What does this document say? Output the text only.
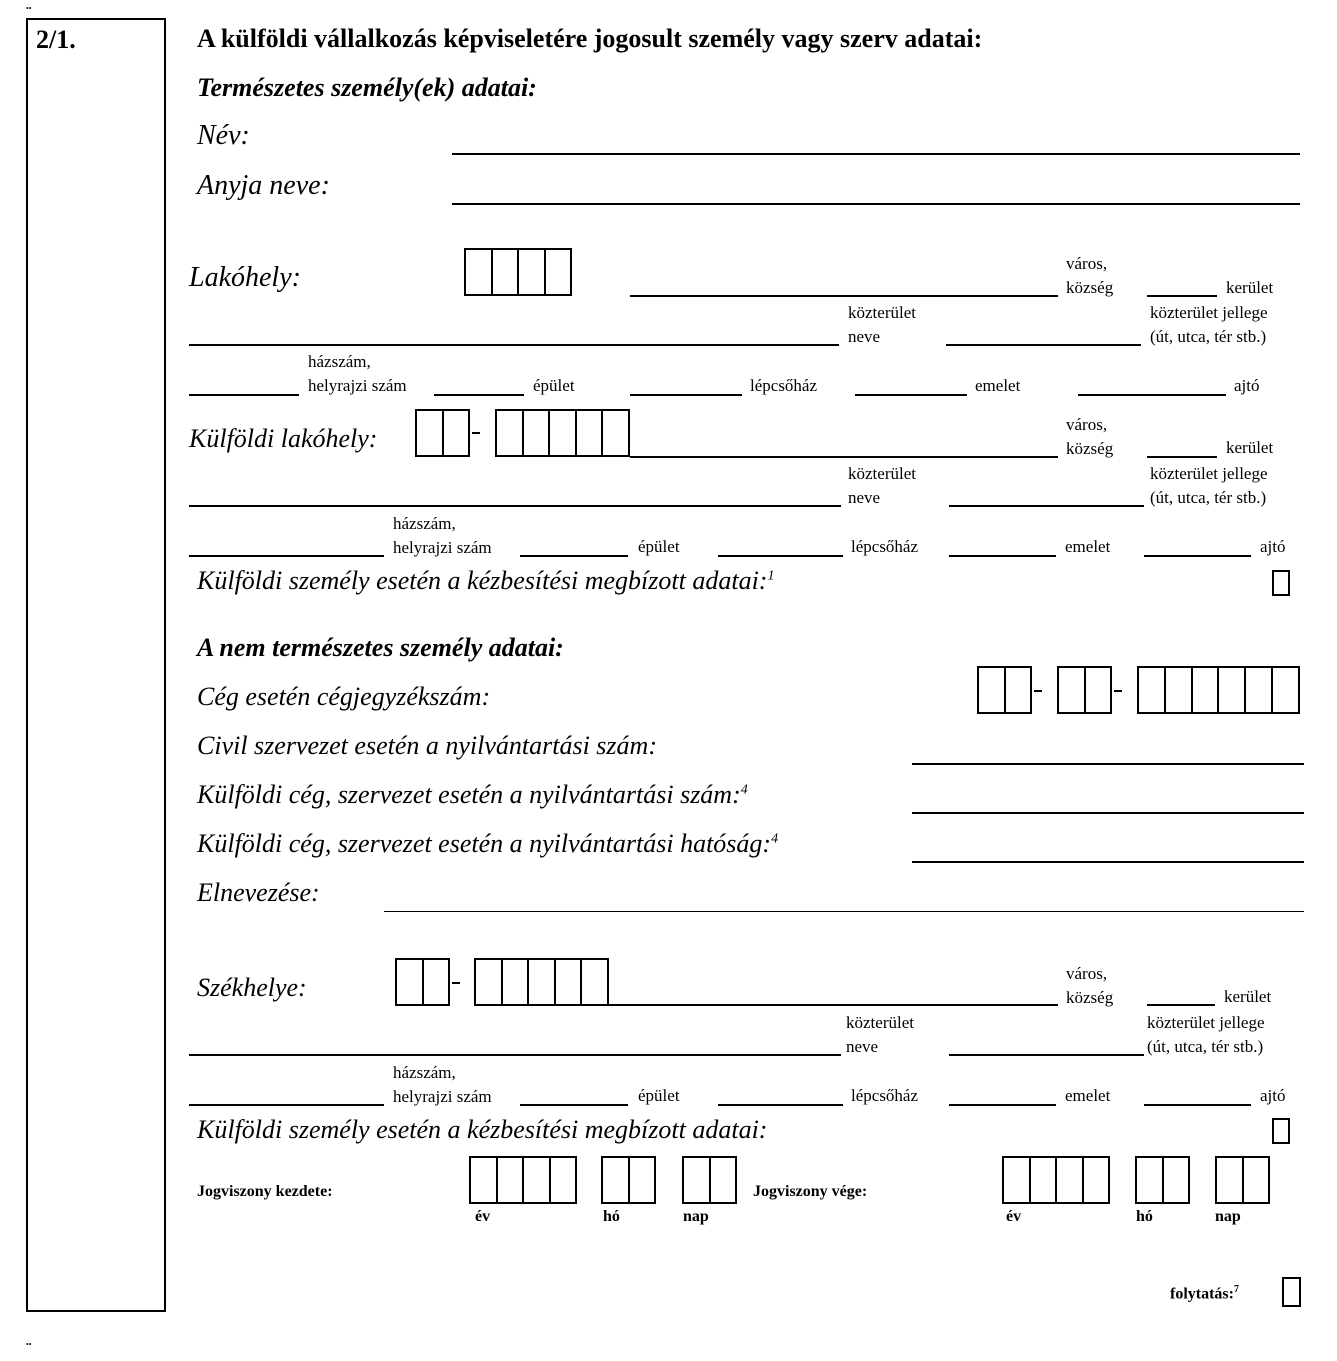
2/1.
••
••
A külföldi vállalkozás képviseletére jogosult személy vagy szerv adatai:
Természetes személy(ek) adatai:
Név:
Anyja neve:
Lakóhely:	város,
község	kerület
közterület
neve
közterület jellege
(út, utca, tér stb.)
házszám,
helyrajzi szám	épület	lépcsőház	emelet	ajtó
Külföldi lakóhely:	város,
község	kerület
közterület
neve
közterület jellege
(út, utca, tér stb.)
házszám,
helyrajzi szám	épület	lépcsőház	emelet	ajtó
Külföldi személy esetén a kézbesítési megbízott adatai:$^1$
A nem természetes személy adatai:
Cég esetén cégjegyzékszám:
Civil szervezet esetén a nyilvántartási szám:
Külföldi cég, szervezet esetén a nyilvántartási szám:$^4$
Külföldi cég, szervezet esetén a nyilvántartási hatóság:$^4$
Elnevezése:
Székhelye:	város,
község	kerület
közterület
neve
közterület jellege
(út, utca, tér stb.)
házszám,
helyrajzi szám	épület	lépcsőház	emelet	ajtó
Külföldi személy esetén a kézbesítési megbízott adatai:
Jogviszony kezdete:
év	hó	nap
Jogviszony vége:
év	hó	nap
folytatás:$^7$
